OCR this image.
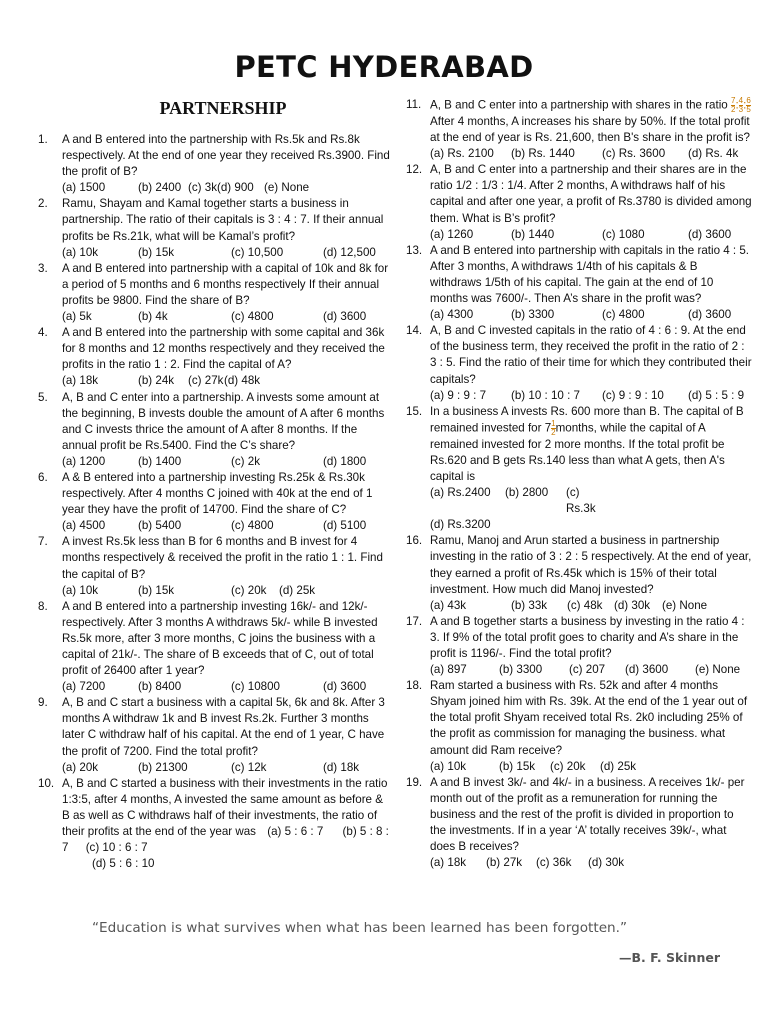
PETC HYDERABAD
PARTNERSHIP
1. A and B entered into the partnership with Rs.5k and Rs.8k respectively. At the end of one year they received Rs.3900. Find the profit of B?
(a) 1500	(b) 2400 (c) 3k (d) 900 (e) None
2. Ramu, Shayam and Kamal together starts a business in partnership. The ratio of their capitals is 3 : 4 : 7. If their annual profits be Rs.21k, what will be Kamal’s profit?
(a) 10k	(b) 15k	(c) 10,500	(d) 12,500
3. A and B entered into partnership with a capital of 10k and 8k for a period of 5 months and 6 months respectively If their annual profits be 9800. Find the share of B?
(a) 5k	(b) 4k	(c) 4800	(d) 3600
4. A and B entered into the partnership with some capital and 36k for 8 months and 12 months respectively and they received the profits in the ratio 1 : 2. Find the capital of A?
(a) 18k	(b) 24k	(c) 27k (d) 48k
5. A, B and C enter into a partnership. A invests some amount at the beginning, B invests double the amount of A after 6 months and C invests thrice the amount of A after 8 months. If the annual profit be Rs.5400. Find the C’s share?
(a) 1200	(b) 1400	(c) 2k	(d) 1800
6. A & B entered into a partnership investing Rs.25k & Rs.30k respectively. After 4 months C joined with 40k at the end of 1 year they have the profit of 14700. Find the share of C?
(a) 4500	(b) 5400	(c) 4800	(d) 5100
7. A invest Rs.5k less than B for 6 months and B invest for 4 months respectively & received the profit in the ratio 1 : 1. Find the capital of B?
(a) 10k	(b) 15k	(c) 20k	(d) 25k
8. A and B entered into a partnership investing 16k/- and 12k/- respectively. After 3 months A withdraws 5k/- while B invested Rs.5k more, after 3 more months, C joins the business with a capital of 21k/-. The share of B exceeds that of C, out of total profit of 26400 after 1 year?
(a) 7200	(b) 8400	(c) 10800	(d) 3600
9. A, B and C start a business with a capital 5k, 6k and 8k. After 3 months A withdraw 1k and B invest Rs.2k. Further 3 months later C withdraw half of his capital. At the end of 1 year, C have the profit of 7200. Find the total profit?
(a) 20k	(b) 21300	(c) 12k	(d) 18k
10. A, B and C started a business with their investments in the ratio 1:3:5, after 4 months, A invested the same amount as before & B as well as C withdraws half of their investments, the ratio of their profits at the end of the year was (a) 5 : 6 : 7 (b) 5 : 8 : 7 (c) 10 : 6 : 7
(d) 5 : 6 : 10
11. A, B and C enter into a partnership with shares in the ratio $\frac{7}{2}$ : $\frac{4}{3}$ : $\frac{6}{5}$
After 4 months, A increases his share by 50%. If the total profit at the end of year is Rs. 21,600, then B's share in the profit is?
(a) Rs. 2100	(b) Rs. 1440	(c) Rs. 3600	(d) Rs. 4k
12. A, B and C enter into a partnership and their shares are in the ratio 1/2 : 1/3 : 1/4. After 2 months, A withdraws half of his capital and after one year, a profit of Rs.3780 is divided among them. What is B’s profit?
(a) 1260	(b) 1440	(c) 1080	(d) 3600
13. A and B entered into partnership with capitals in the ratio 4 : 5. After 3 months, A withdraws 1/4th of his capitals & B withdraws 1/5th of his capital. The gain at the end of 10 months was 7600/-. Then A’s share in the profit was?
(a) 4300	(b) 3300	(c) 4800	(d) 3600
14. A, B and C invested capitals in the ratio of 4 : 6 : 9. At the end of the business term, they received the profit in the ratio of 2 : 3 : 5. Find the ratio of their time for which they contributed their capitals?
(a) 9 : 9 : 7	(b) 10 : 10 : 7	(c) 9 : 9 : 10	(d) 5 : 5 : 9
15. In a business A invests Rs. 600 more than B. The capital of B remained invested for $7 \frac{1}{2}$ months, while the capital of A remained invested for 2 more months. If the total profit be Rs.620 and B gets Rs.140 less than what A gets, then A's capital is
(a) Rs.2400	(b) 2800	(c) Rs.3k
(d) Rs.3200
16. Ramu, Manoj and Arun started a business in partnership investing in the ratio of 3 : 2 : 5 respectively. At the end of year, they earned a profit of Rs.45k which is 15% of their total investment. How much did Manoj invested?
(a) 43k	(b) 33k	(c) 48k (d) 30k	(e) None
17. A and B together starts a business by investing in the ratio 4 : 3. If 9% of the total profit goes to charity and A’s share in the profit is 1196/-. Find the total profit?
(a) 897	(b) 3300	(c) 207	(d) 3600	(e) None
18. Ram started a business with Rs. 52k and after 4 months Shyam joined him with Rs. 39k. At the end of the 1 year out of the total profit Shyam received total Rs. 2k0 including 25% of the profit as commission for managing the business. what amount did Ram receive?
(a) 10k	(b) 15k	(c) 20k	(d) 25k
19. A and B invest 3k/- and 4k/- in a business. A receives 1k/- per month out of the profit as a remuneration for running the business and the rest of the profit is divided in proportion to the investments. If in a year ‘A’ totally receives 39k/-, what does B receives?
(a) 18k	(b) 27k	(c) 36k	(d) 30k
“Education is what survives when what has been learned has been forgotten.”
—B. F. Skinner
